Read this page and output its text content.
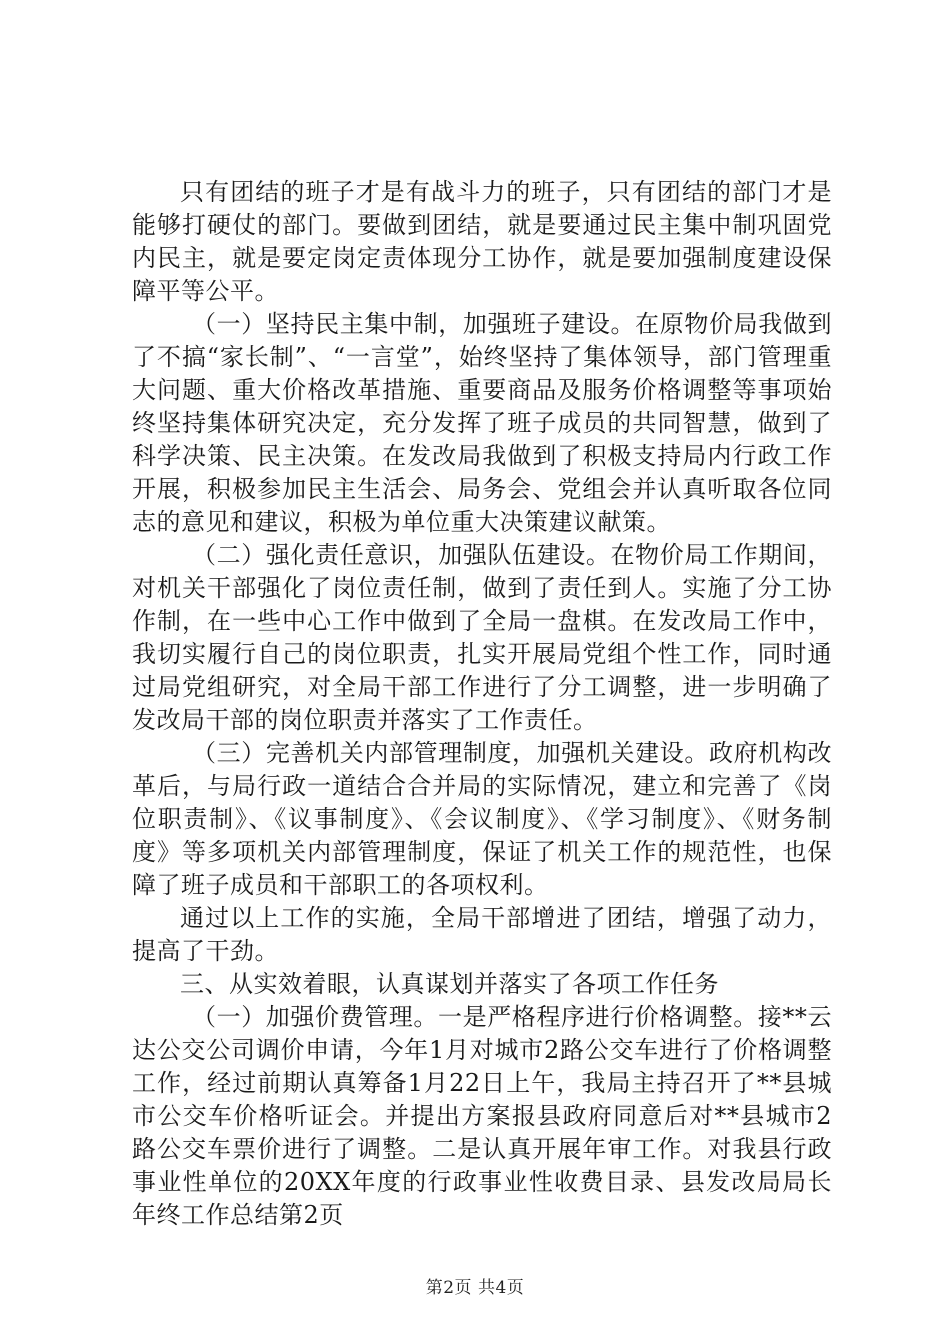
只有团结的班子才是有战斗力的班子，只有团结的部门才是能够打硬仗的部门。要做到团结，就是要通过民主集中制巩固党内民主，就是要定岗定责体现分工协作，就是要加强制度建设保障平等公平。

（一）坚持民主集中制，加强班子建设。在原物价局我做到了不搞“家长制”、“一言堂”，始终坚持了集体领导，部门管理重大问题、重大价格改革措施、重要商品及服务价格调整等事项始终坚持集体研究决定，充分发挥了班子成员的共同智慧，做到了科学决策、民主决策。在发改局我做到了积极支持局内行政工作开展，积极参加民主生活会、局务会、党组会并认真听取各位同志的意见和建议，积极为单位重大决策建议献策。

（二）强化责任意识，加强队伍建设。在物价局工作期间，对机关干部强化了岗位责任制，做到了责任到人。实施了分工协作制，在一些中心工作中做到了全局一盘棋。在发改局工作中，我切实履行自己的岗位职责，扎实开展局党组个性工作，同时通过局党组研究，对全局干部工作进行了分工调整，进一步明确了发改局干部的岗位职责并落实了工作责任。

（三）完善机关内部管理制度，加强机关建设。政府机构改革后，与局行政一道结合合并局的实际情况，建立和完善了《岗位职责制》、《议事制度》、《会议制度》、《学习制度》、《财务制度》等多项机关内部管理制度，保证了机关工作的规范性，也保障了班子成员和干部职工的各项权利。

通过以上工作的实施，全局干部增进了团结，增强了动力，提高了干劲。

三、从实效着眼，认真谋划并落实了各项工作任务

（一）加强价费管理。一是严格程序进行价格调整。接**云达公交公司调价申请，今年1月对城市2路公交车进行了价格调整工作，经过前期认真筹备1月22日上午，我局主持召开了**县城市公交车价格听证会。并提出方案报县政府同意后对**县城市2路公交车票价进行了调整。二是认真开展年审工作。对我县行政事业性单位的20XX年度的行政事业性收费目录、县发改局局长年终工作总结第2页

第2页 共4页
